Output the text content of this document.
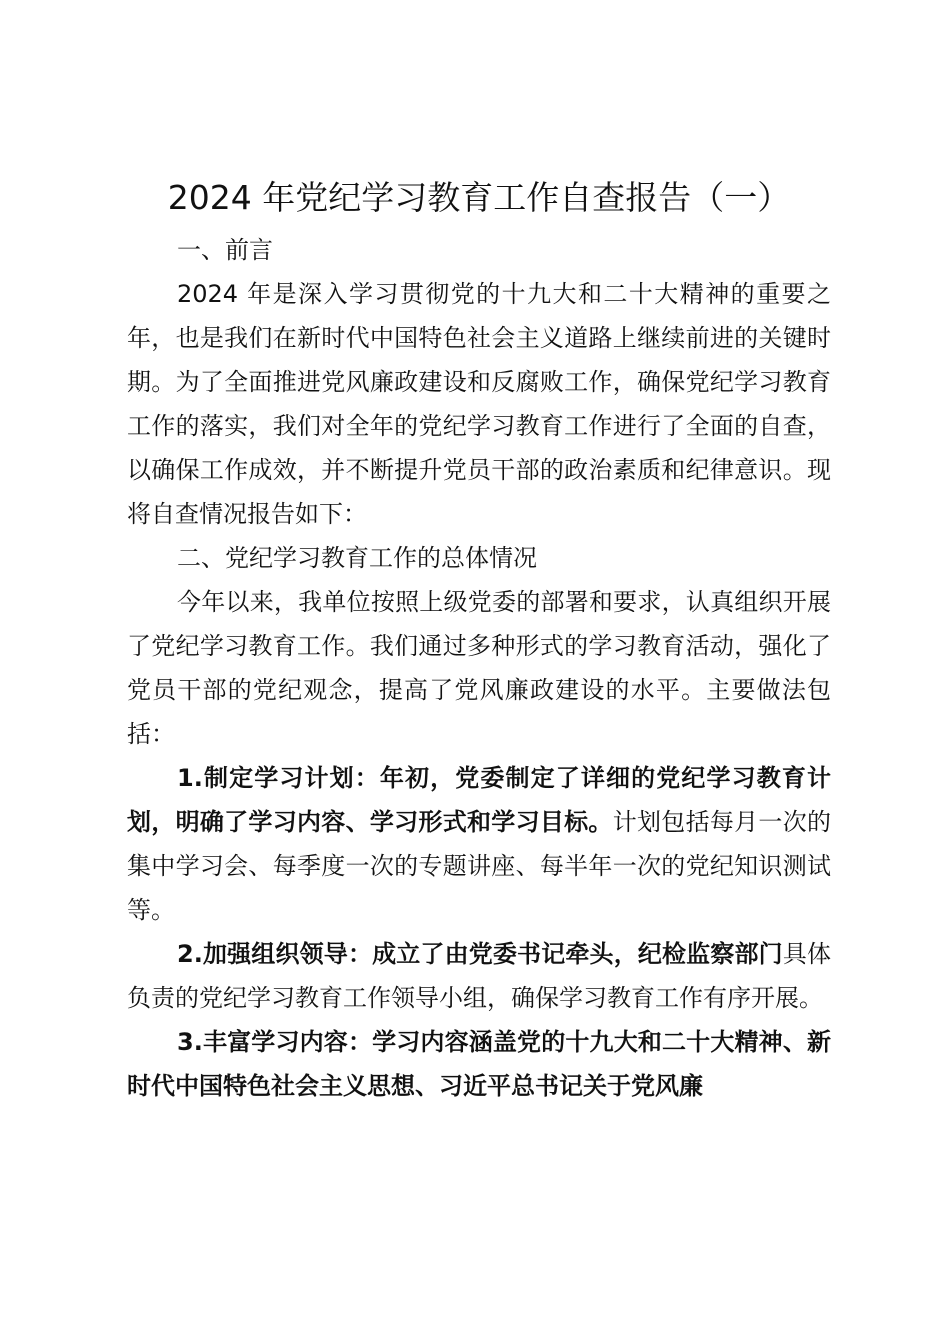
2024 年党纪学习教育工作自查报告（一）

一、前言

2024 年是深入学习贯彻党的十九大和二十大精神的重要之年，也是我们在新时代中国特色社会主义道路上继续前进的关键时期。为了全面推进党风廉政建设和反腐败工作，确保党纪学习教育工作的落实，我们对全年的党纪学习教育工作进行了全面的自查，以确保工作成效，并不断提升党员干部的政治素质和纪律意识。现将自查情况报告如下：

二、党纪学习教育工作的总体情况

今年以来，我单位按照上级党委的部署和要求，认真组织开展了党纪学习教育工作。我们通过多种形式的学习教育活动，强化了党员干部的党纪观念，提高了党风廉政建设的水平。主要做法包括：

1.制定学习计划：年初，党委制定了详细的党纪学习教育计划，明确了学习内容、学习形式和学习目标。计划包括每月一次的集中学习会、每季度一次的专题讲座、每半年一次的党纪知识测试等。

2.加强组织领导：成立了由党委书记牵头，纪检监察部门具体负责的党纪学习教育工作领导小组，确保学习教育工作有序开展。

3.丰富学习内容：学习内容涵盖党的十九大和二十大精神、新时代中国特色社会主义思想、习近平总书记关于党风廉
